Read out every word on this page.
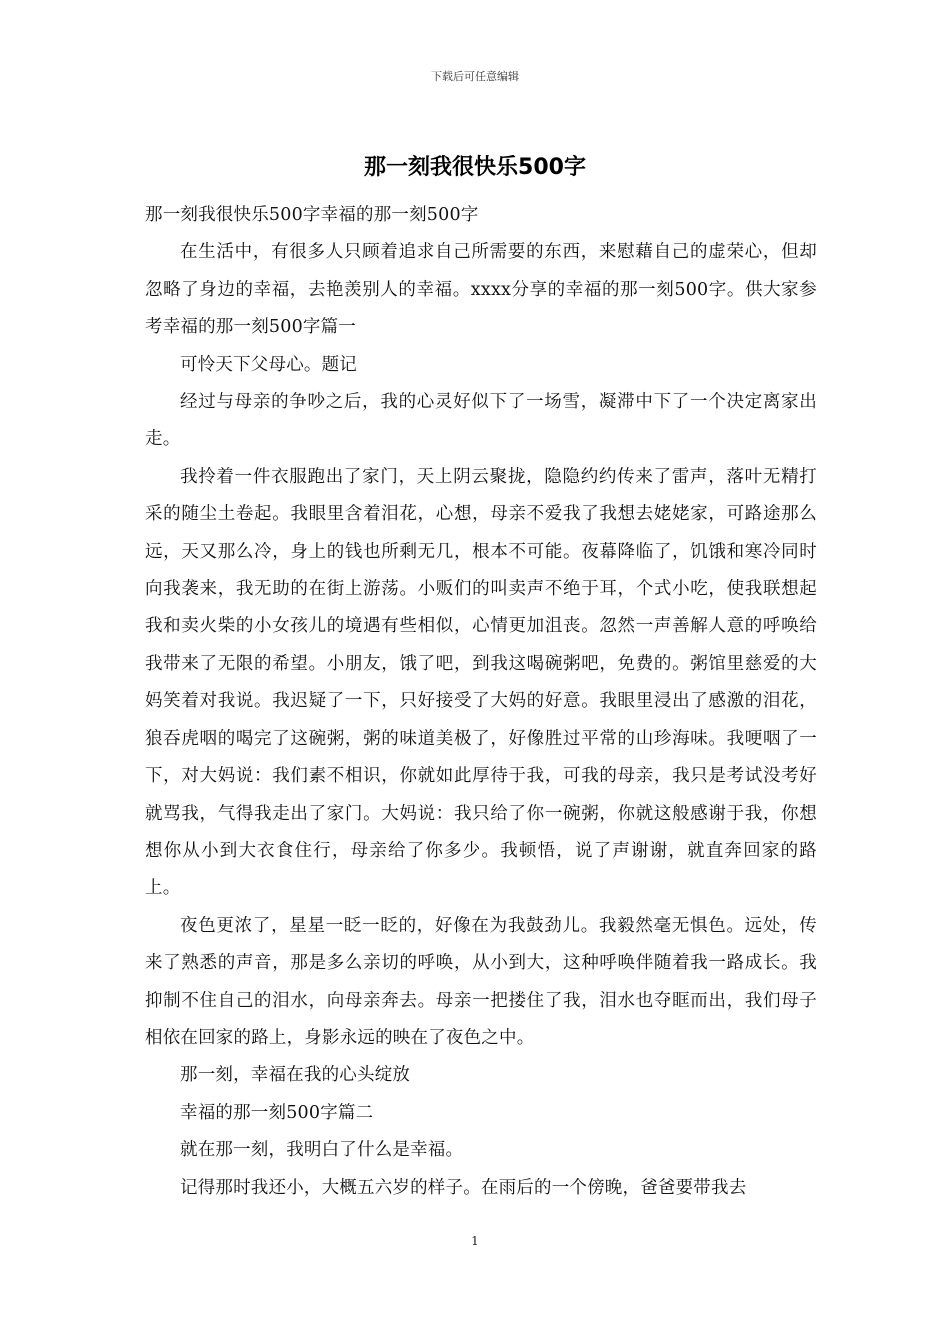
下载后可任意编辑
那一刻我很快乐500字

那一刻我很快乐500字幸福的那一刻500字

在生活中，有很多人只顾着追求自己所需要的东西，来慰藉自己的虚荣心，但却忽略了身边的幸福，去艳羡别人的幸福。xxxx分享的幸福的那一刻500字。供大家参考幸福的那一刻500字篇一

可怜天下父母心。题记

经过与母亲的争吵之后，我的心灵好似下了一场雪，凝滞中下了一个决定离家出走。

我拎着一件衣服跑出了家门，天上阴云聚拢，隐隐约约传来了雷声，落叶无精打采的随尘土卷起。我眼里含着泪花，心想，母亲不爱我了我想去姥姥家，可路途那么远，天又那么冷，身上的钱也所剩无几，根本不可能。夜幕降临了，饥饿和寒冷同时向我袭来，我无助的在街上游荡。小贩们的叫卖声不绝于耳，个式小吃，使我联想起我和卖火柴的小女孩儿的境遇有些相似，心情更加沮丧。忽然一声善解人意的呼唤给我带来了无限的希望。小朋友，饿了吧，到我这喝碗粥吧，免费的。粥馆里慈爱的大妈笑着对我说。我迟疑了一下，只好接受了大妈的好意。我眼里浸出了感激的泪花，狼吞虎咽的喝完了这碗粥，粥的味道美极了，好像胜过平常的山珍海味。我哽咽了一下，对大妈说：我们素不相识，你就如此厚待于我，可我的母亲，我只是考试没考好就骂我，气得我走出了家门。大妈说：我只给了你一碗粥，你就这般感谢于我，你想想你从小到大衣食住行，母亲给了你多少。我顿悟，说了声谢谢，就直奔回家的路上。

夜色更浓了，星星一眨一眨的，好像在为我鼓劲儿。我毅然毫无惧色。远处，传来了熟悉的声音，那是多么亲切的呼唤，从小到大，这种呼唤伴随着我一路成长。我抑制不住自己的泪水，向母亲奔去。母亲一把搂住了我，泪水也夺眶而出，我们母子相依在回家的路上，身影永远的映在了夜色之中。

那一刻，幸福在我的心头绽放

幸福的那一刻500字篇二

就在那一刻，我明白了什么是幸福。

记得那时我还小，大概五六岁的样子。在雨后的一个傍晚，爸爸要带我去

1
